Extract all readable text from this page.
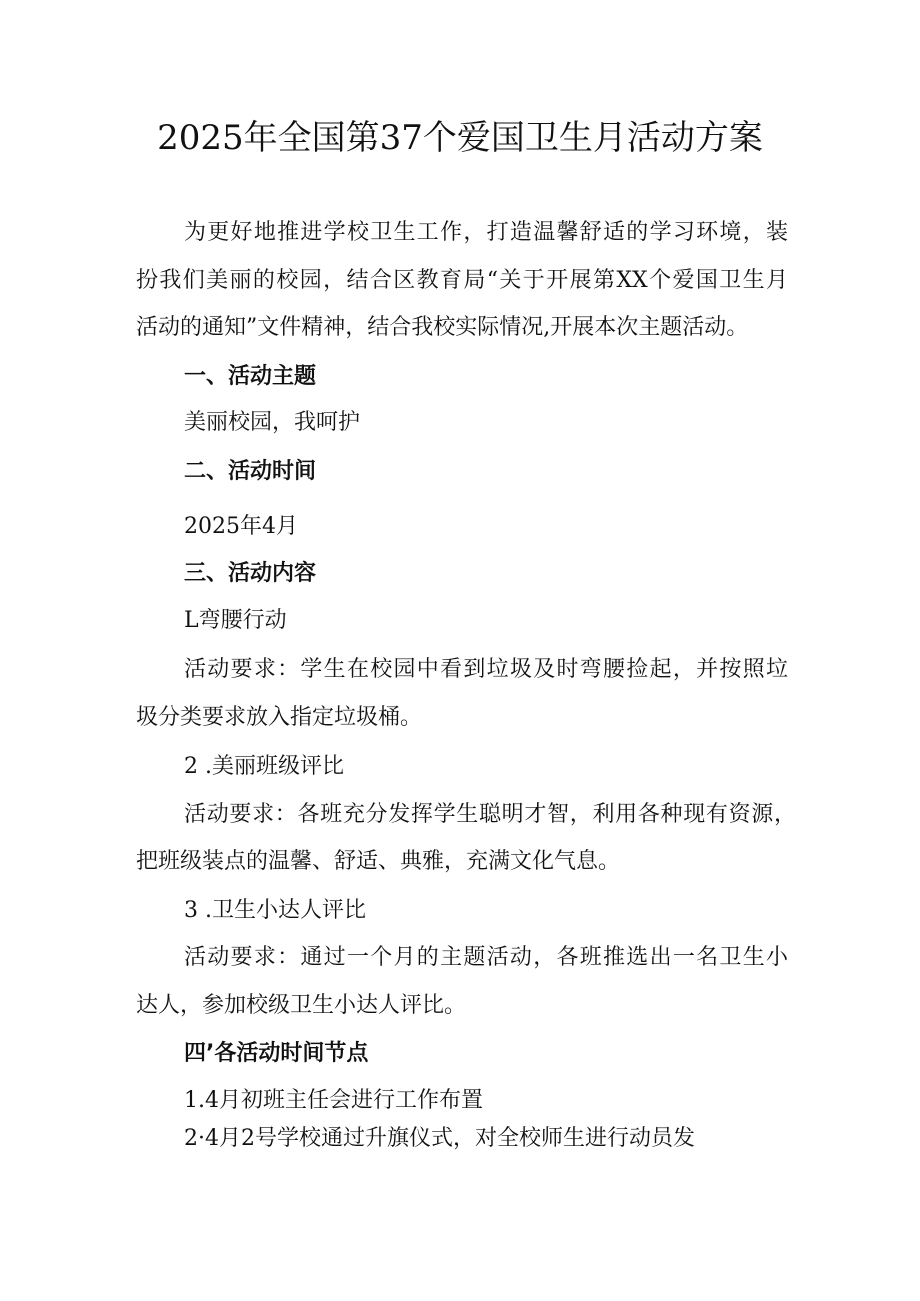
2025年全国第37个爱国卫生月活动方案
为更好地推进学校卫生工作，打造温馨舒适的学习环境，装
扮我们美丽的校园，结合区教育局“关于开展第XX个爱国卫生月
活动的通知”文件精神，结合我校实际情况,开展本次主题活动。
一、活动主题
美丽校园，我呵护
二、活动时间
2025年4月
三、活动内容
L弯腰行动
活动要求：学生在校园中看到垃圾及时弯腰捡起，并按照垃
圾分类要求放入指定垃圾桶。
2 .美丽班级评比
活动要求：各班充分发挥学生聪明才智，利用各种现有资源，
把班级装点的温馨、舒适、典雅，充满文化气息。
3 .卫生小达人评比
活动要求：通过一个月的主题活动，各班推选出一名卫生小
达人，参加校级卫生小达人评比。
四’各活动时间节点
1.4月初班主任会进行工作布置
2·4月2号学校通过升旗仪式，对全校师生进行动员发
